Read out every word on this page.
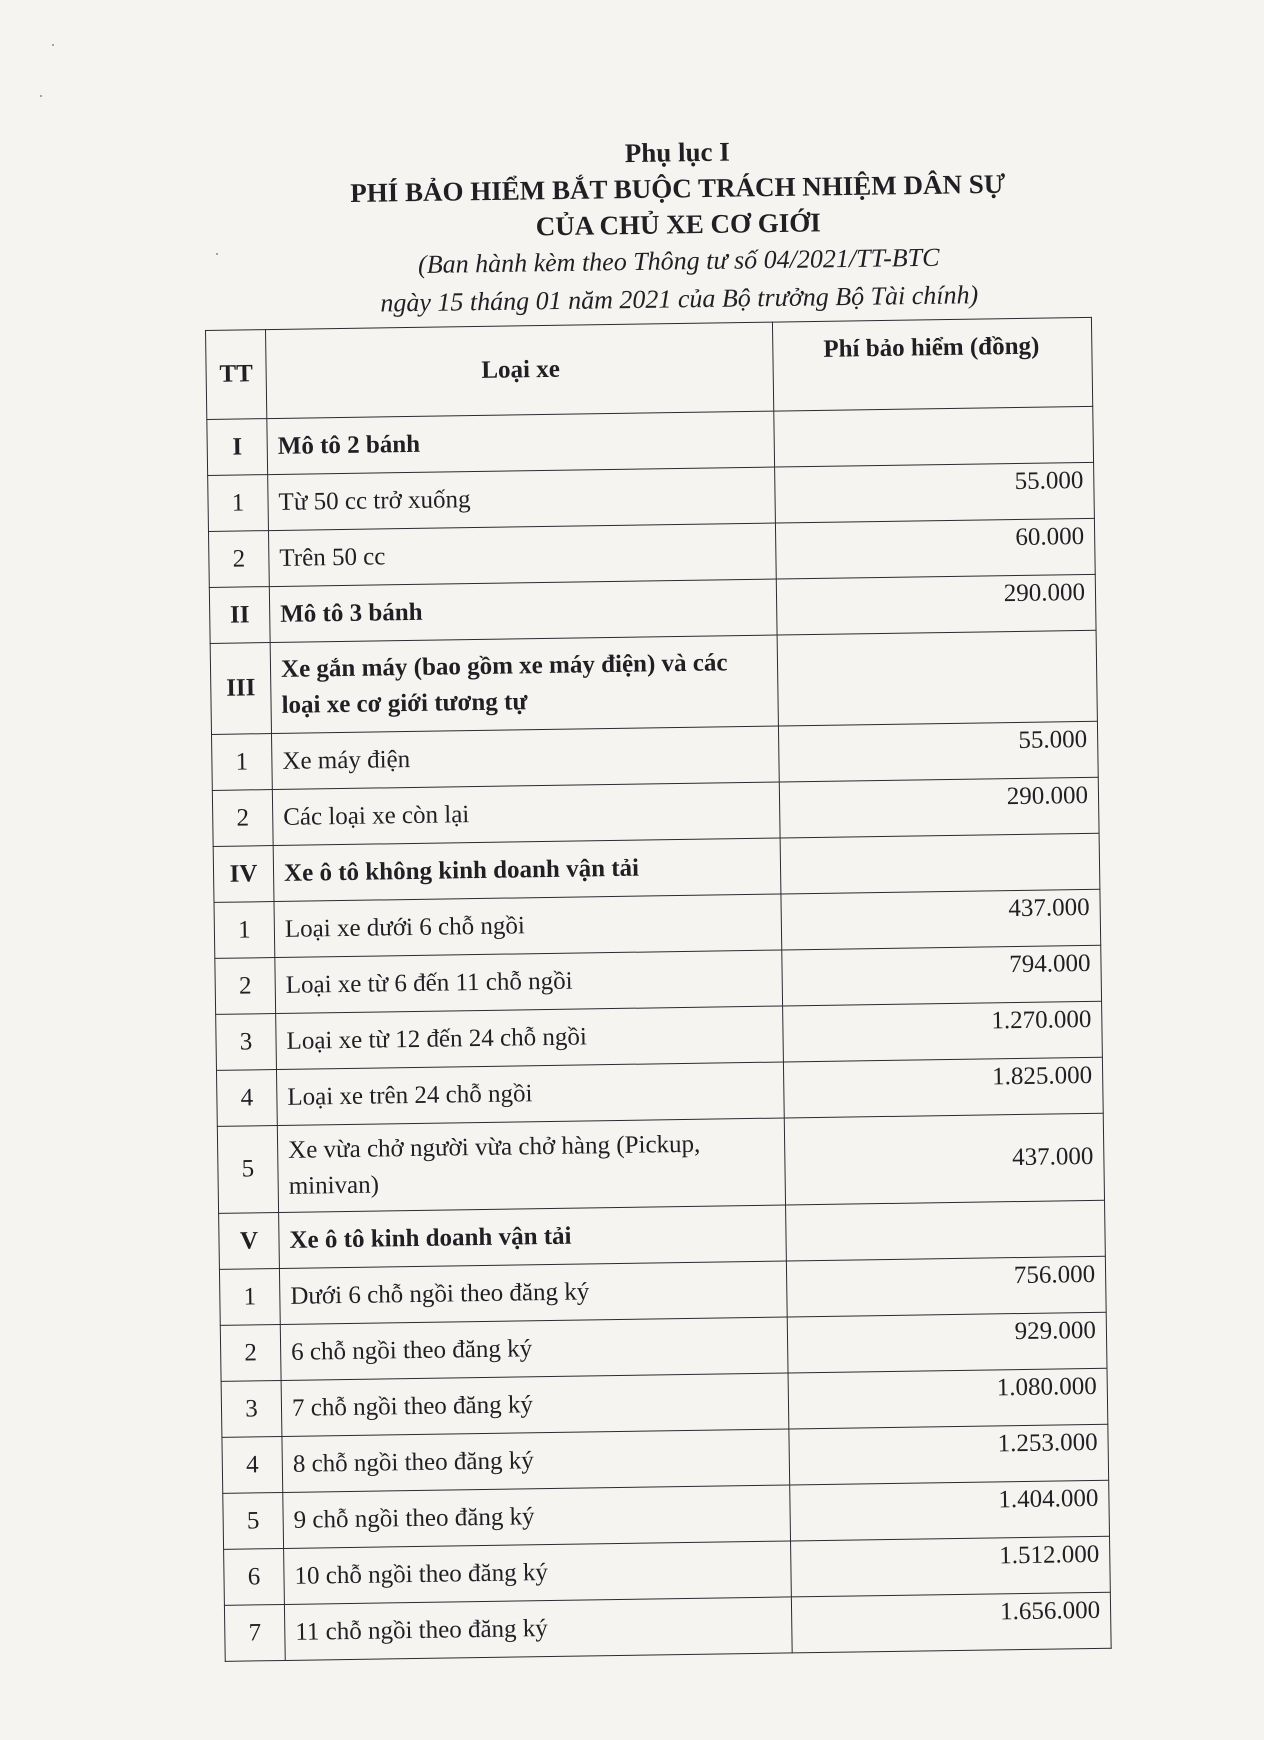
Phụ lục I
PHÍ BẢO HIỂM BẮT BUỘC TRÁCH NHIỆM DÂN SỰ
CỦA CHỦ XE CƠ GIỚI
(Ban hành kèm theo Thông tư số 04/2021/TT-BTC
ngày 15 tháng 01 năm 2021 của Bộ trưởng Bộ Tài chính)
TT	Loại xe	Phí bảo hiểm (đồng)
I	Mô tô 2 bánh	
1	Từ 50 cc trở xuống	55.000
2	Trên 50 cc	60.000
II	Mô tô 3 bánh	290.000
III	Xe gắn máy (bao gồm xe máy điện) và các loại xe cơ giới tương tự	
1	Xe máy điện	55.000
2	Các loại xe còn lại	290.000
IV	Xe ô tô không kinh doanh vận tải	
1	Loại xe dưới 6 chỗ ngồi	437.000
2	Loại xe từ 6 đến 11 chỗ ngồi	794.000
3	Loại xe từ 12 đến 24 chỗ ngồi	1.270.000
4	Loại xe trên 24 chỗ ngồi	1.825.000
5	Xe vừa chở người vừa chở hàng (Pickup, minivan)	437.000
V	Xe ô tô kinh doanh vận tải	
1	Dưới 6 chỗ ngồi theo đăng ký	756.000
2	6 chỗ ngồi theo đăng ký	929.000
3	7 chỗ ngồi theo đăng ký	1.080.000
4	8 chỗ ngồi theo đăng ký	1.253.000
5	9 chỗ ngồi theo đăng ký	1.404.000
6	10 chỗ ngồi theo đăng ký	1.512.000
7	11 chỗ ngồi theo đăng ký	1.656.000
